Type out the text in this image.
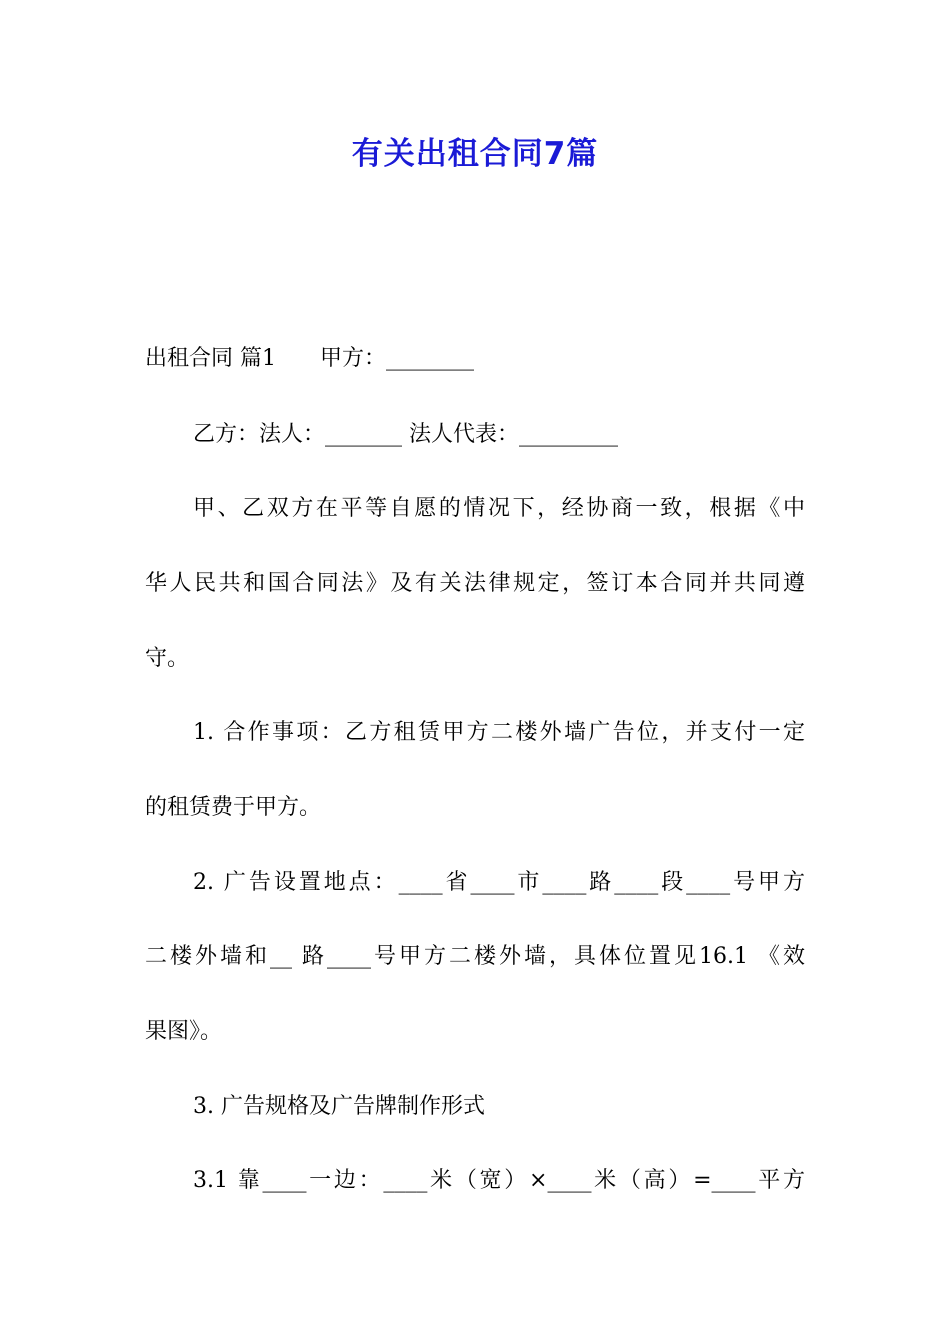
有关出租合同7篇

出租合同 篇1　　甲方：________

乙方：法人：_______ 法人代表：_________

甲、乙双方在平等自愿的情况下，经协商一致，根据《中

华人民共和国合同法》及有关法律规定，签订本合同并共同遵

守。

1. 合作事项：乙方租赁甲方二楼外墙广告位，并支付一定

的租赁费于甲方。

2. 广告设置地点：____省____市____路____段____号甲方

二楼外墙和__ 路____号甲方二楼外墙，具体位置见16.1 《效

果图》。

3. 广告规格及广告牌制作形式

3.1 靠____一边：____米（宽）×____米（高）=____平方
